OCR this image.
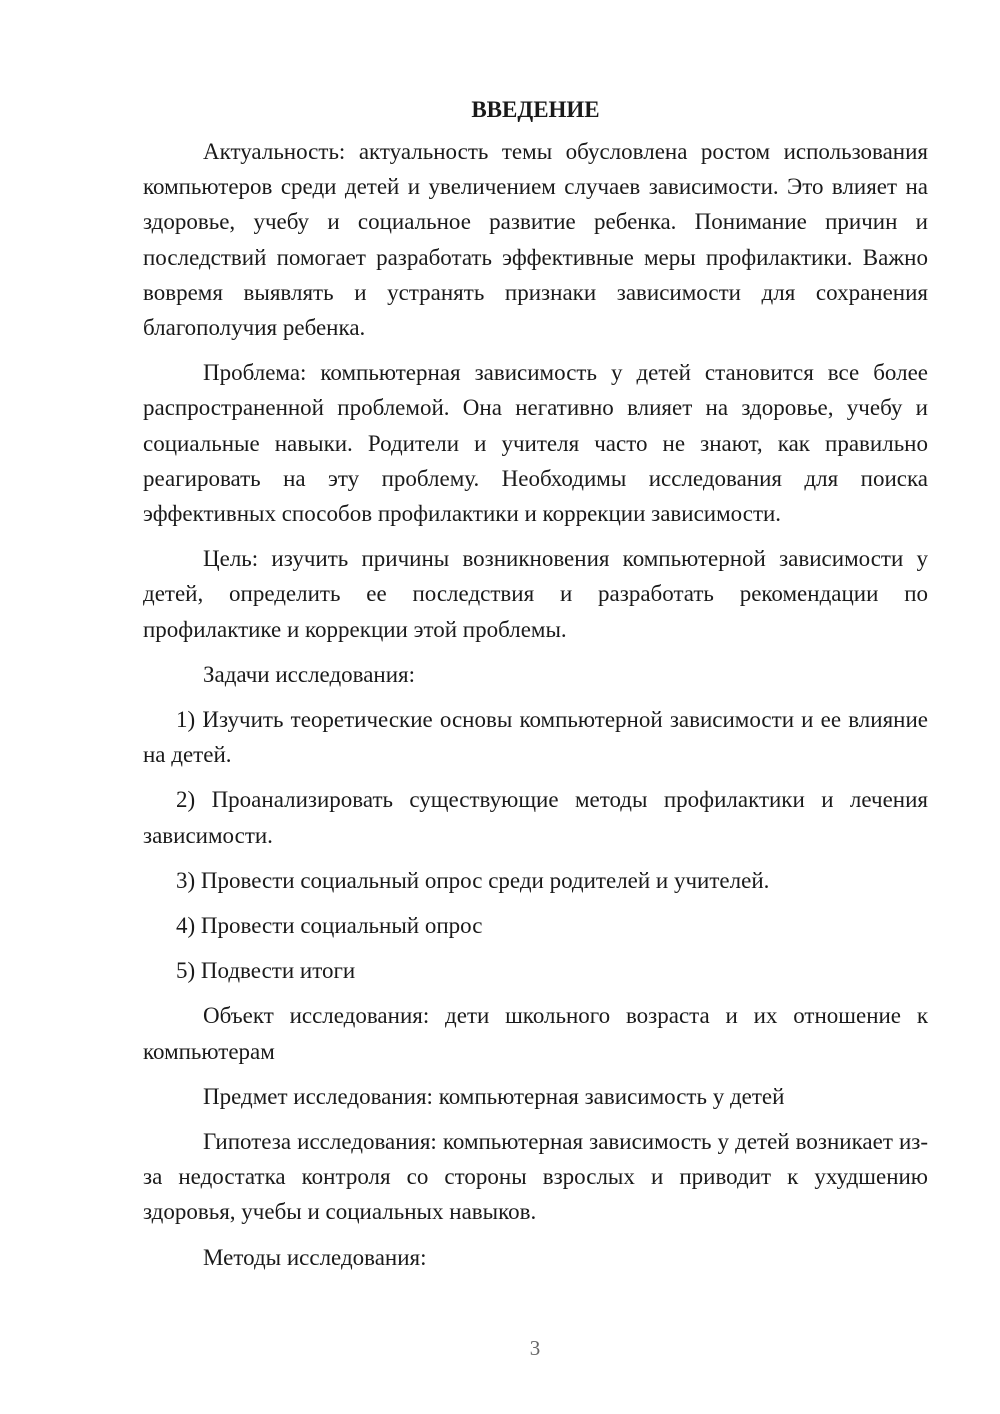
ВВЕДЕНИЕ

Актуальность: актуальность темы обусловлена ростом использования компьютеров среди детей и увеличением случаев зависимости. Это влияет на здоровье, учебу и социальное развитие ребенка. Понимание причин и последствий помогает разработать эффективные меры профилактики. Важно вовремя выявлять и устранять признаки зависимости для сохранения благополучия ребенка.

Проблема: компьютерная зависимость у детей становится все более распространенной проблемой. Она негативно влияет на здоровье, учебу и социальные навыки. Родители и учителя часто не знают, как правильно реагировать на эту проблему. Необходимы исследования для поиска эффективных способов профилактики и коррекции зависимости.

Цель: изучить причины возникновения компьютерной зависимости у детей, определить ее последствия и разработать рекомендации по профилактике и коррекции этой проблемы.

Задачи исследования:

1) Изучить теоретические основы компьютерной зависимости и ее влияние на детей.

2) Проанализировать существующие методы профилактики и лечения зависимости.

3) Провести социальный опрос среди родителей и учителей.

4) Провести социальный опрос

5) Подвести итоги

Объект исследования: дети школьного возраста и их отношение к компьютерам

Предмет исследования: компьютерная зависимость у детей

Гипотеза исследования: компьютерная зависимость у детей возникает из-за недостатка контроля со стороны взрослых и приводит к ухудшению здоровья, учебы и социальных навыков.

Методы исследования:

3
